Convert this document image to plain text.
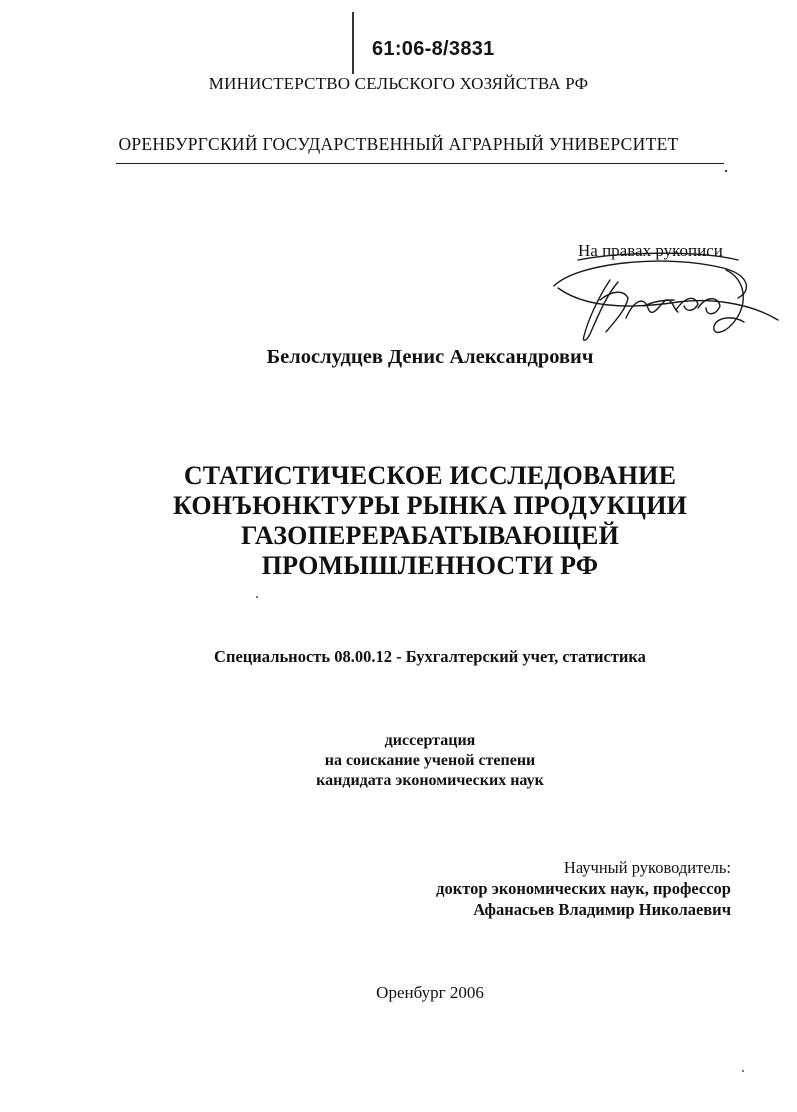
61:06-8/3831
МИНИСТЕРСТВО СЕЛЬСКОГО ХОЗЯЙСТВА РФ
ОРЕНБУРГСКИЙ ГОСУДАРСТВЕННЫЙ АГРАРНЫЙ УНИВЕРСИТЕТ
На правах рукописи
Белослудцев Денис Александрович
СТАТИСТИЧЕСКОЕ ИССЛЕДОВАНИЕ
КОНЪЮНКТУРЫ РЫНКА ПРОДУКЦИИ
ГАЗОПЕРЕРАБАТЫВАЮЩЕЙ
ПРОМЫШЛЕННОСТИ РФ
Специальность 08.00.12 - Бухгалтерский учет, статистика
диссертация
на соискание ученой степени
кандидата экономических наук
Научный руководитель:
доктор экономических наук, профессор
Афанасьев Владимир Николаевич
Оренбург 2006
